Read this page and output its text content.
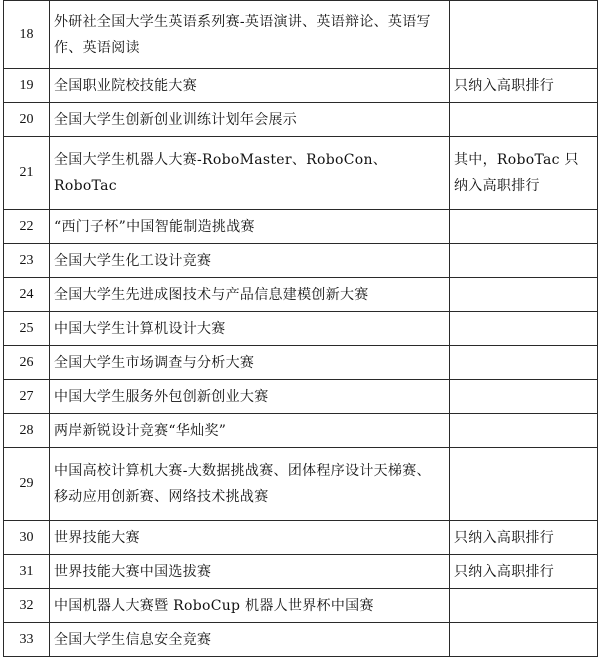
18	外研社全国大学生英语系列赛-英语演讲、英语辩论、英语写作、英语阅读	
19	全国职业院校技能大赛	只纳入高职排行
20	全国大学生创新创业训练计划年会展示	
21	全国大学生机器人大赛-RoboMaster、RoboCon、RoboTac	其中，RoboTac 只纳入高职排行
22	“西门子杯”中国智能制造挑战赛	
23	全国大学生化工设计竞赛	
24	全国大学生先进成图技术与产品信息建模创新大赛	
25	中国大学生计算机设计大赛	
26	全国大学生市场调查与分析大赛	
27	中国大学生服务外包创新创业大赛	
28	两岸新锐设计竞赛“华灿奖”	
29	中国高校计算机大赛-大数据挑战赛、团体程序设计天梯赛、移动应用创新赛、网络技术挑战赛	
30	世界技能大赛	只纳入高职排行
31	世界技能大赛中国选拔赛	只纳入高职排行
32	中国机器人大赛暨 RoboCup 机器人世界杯中国赛	
33	全国大学生信息安全竞赛	
